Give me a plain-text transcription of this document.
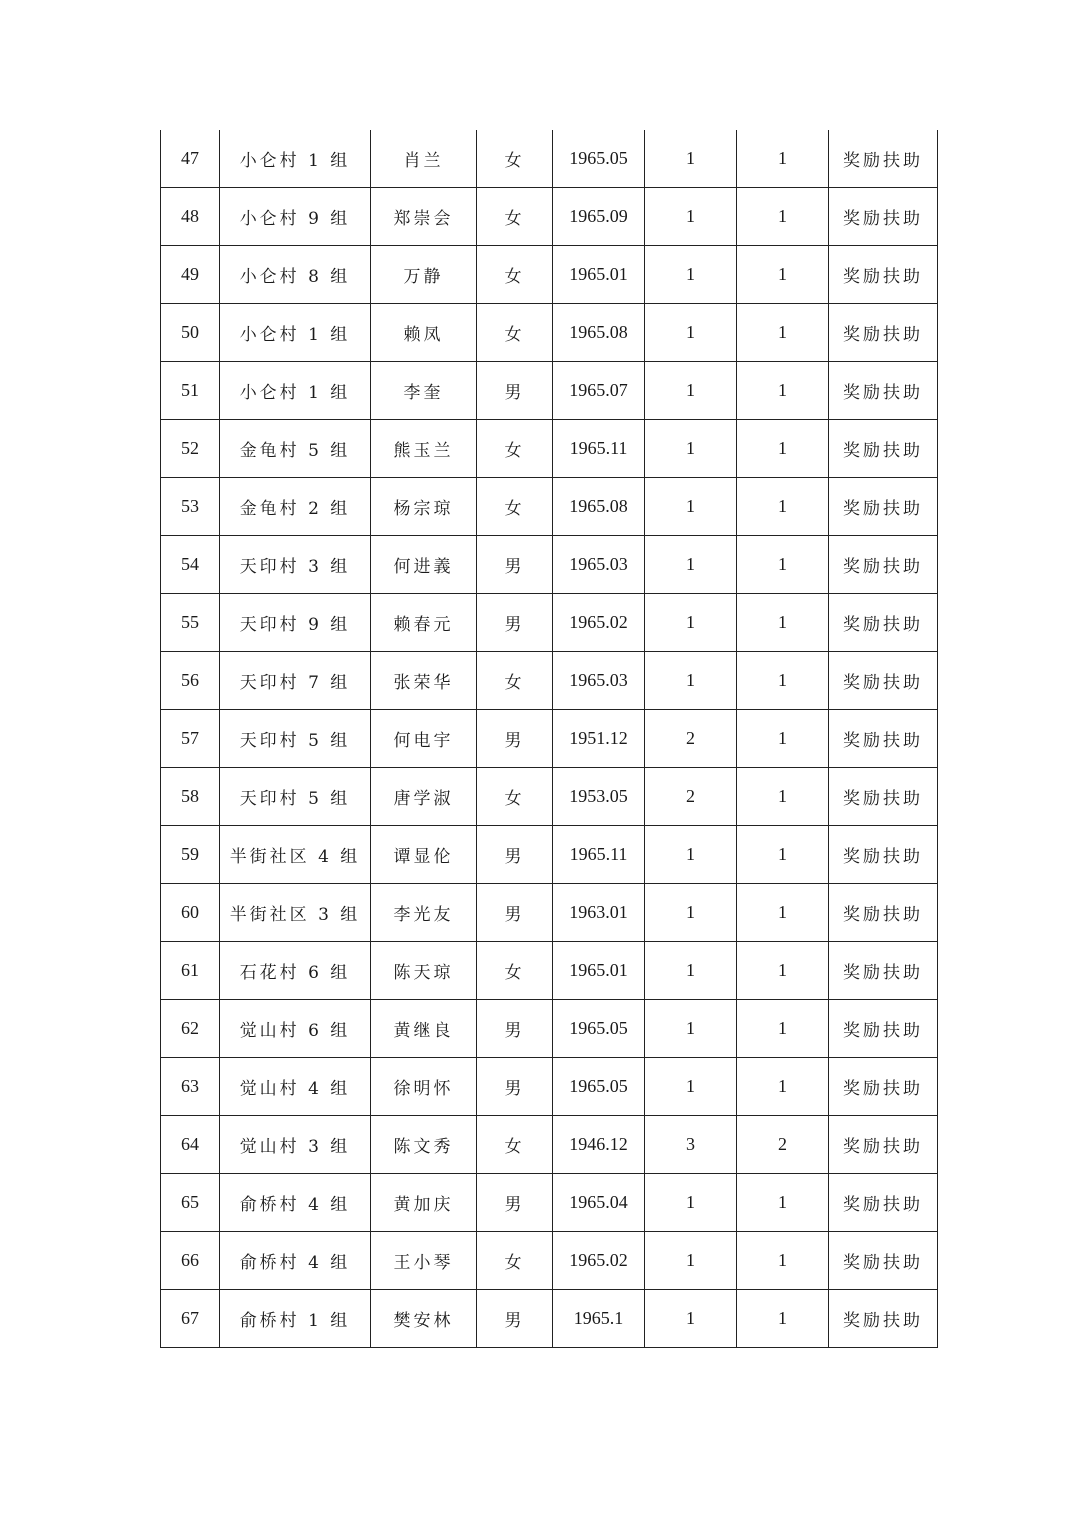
47	小仑村 1 组	肖兰	女	1965.05	1	1	奖励扶助
48	小仑村 9 组	郑崇会	女	1965.09	1	1	奖励扶助
49	小仑村 8 组	万静	女	1965.01	1	1	奖励扶助
50	小仑村 1 组	赖凤	女	1965.08	1	1	奖励扶助
51	小仑村 1 组	李奎	男	1965.07	1	1	奖励扶助
52	金龟村 5 组	熊玉兰	女	1965.11	1	1	奖励扶助
53	金龟村 2 组	杨宗琼	女	1965.08	1	1	奖励扶助
54	天印村 3 组	何进義	男	1965.03	1	1	奖励扶助
55	天印村 9 组	赖春元	男	1965.02	1	1	奖励扶助
56	天印村 7 组	张荣华	女	1965.03	1	1	奖励扶助
57	天印村 5 组	何电宇	男	1951.12	2	1	奖励扶助
58	天印村 5 组	唐学淑	女	1953.05	2	1	奖励扶助
59	半街社区 4 组	谭显伦	男	1965.11	1	1	奖励扶助
60	半街社区 3 组	李光友	男	1963.01	1	1	奖励扶助
61	石花村 6 组	陈天琼	女	1965.01	1	1	奖励扶助
62	觉山村 6 组	黄继良	男	1965.05	1	1	奖励扶助
63	觉山村 4 组	徐明怀	男	1965.05	1	1	奖励扶助
64	觉山村 3 组	陈文秀	女	1946.12	3	2	奖励扶助
65	俞桥村 4 组	黄加庆	男	1965.04	1	1	奖励扶助
66	俞桥村 4 组	王小琴	女	1965.02	1	1	奖励扶助
67	俞桥村 1 组	樊安林	男	1965.1	1	1	奖励扶助
